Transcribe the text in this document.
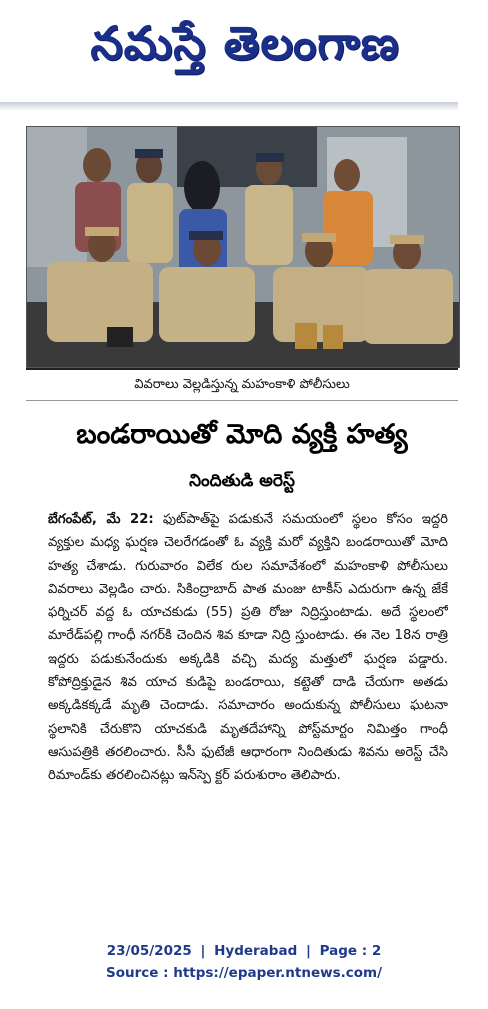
నమస్తే తెలంగాణ
వివరాలు వెల్లడిస్తున్న మహంకాళి పోలీసులు
బండరాయితో మోది వ్యక్తి హత్య
నిందితుడి అరెస్ట్
బేగంపేట్, మే 22: ఫుట్‌పాత్‌పై పడుకునే సమయంలో స్థలం కోసం ఇద్దరి వ్యక్తుల మధ్య ఘర్షణ చెలరేగడంతో ఓ వ్యక్తి మరో వ్యక్తిని బండరాయితో మోది హత్య చేశాడు. గురువారం విలేక రుల సమావేశంలో మహంకాళి పోలీసులు వివరాలు వెల్లడిం చారు. సికింద్రాబాద్ పాత మంజు టాకీస్ ఎదురుగా ఉన్న జేకే ఫర్నిచర్ వద్ద ఓ యాచకుడు (55) ప్రతి రోజు నిద్రిస్తుంటాడు. అదే స్థలంలో మారేడ్‌పల్లి గాంధీ నగర్‌కి చెందిన శివ కూడా నిద్రి స్తుంటాడు. ఈ నెల 18న రాత్రి ఇద్దరు పడుకునేందుకు అక్కడికి వచ్చి మద్య మత్తులో ఘర్షణ పడ్డారు. కోపోద్రిక్తుడైన శివ యాచ కుడిపై బండరాయి, కట్టెతో దాడి చేయగా అతడు అక్కడికక్కడే మృతి చెందాడు. సమాచారం అందుకున్న పోలీసులు ఘటనా స్థలానికి చేరుకొని యాచకుడి మృతదేహాన్ని పోస్ట్‌మార్టం నిమిత్తం గాంధీ ఆసుపత్రికి తరలించారు. సీసీ ఫుటేజీ ఆధారంగా నిందితుడు శివను అరెస్ట్ చేసి రిమాండ్‌కు తరలించినట్లు ఇన్‌స్పె క్టర్ పరుశురాం తెలిపారు.
23/05/2025 | Hyderabad | Page : 2
Source : https://epaper.ntnews.com/
